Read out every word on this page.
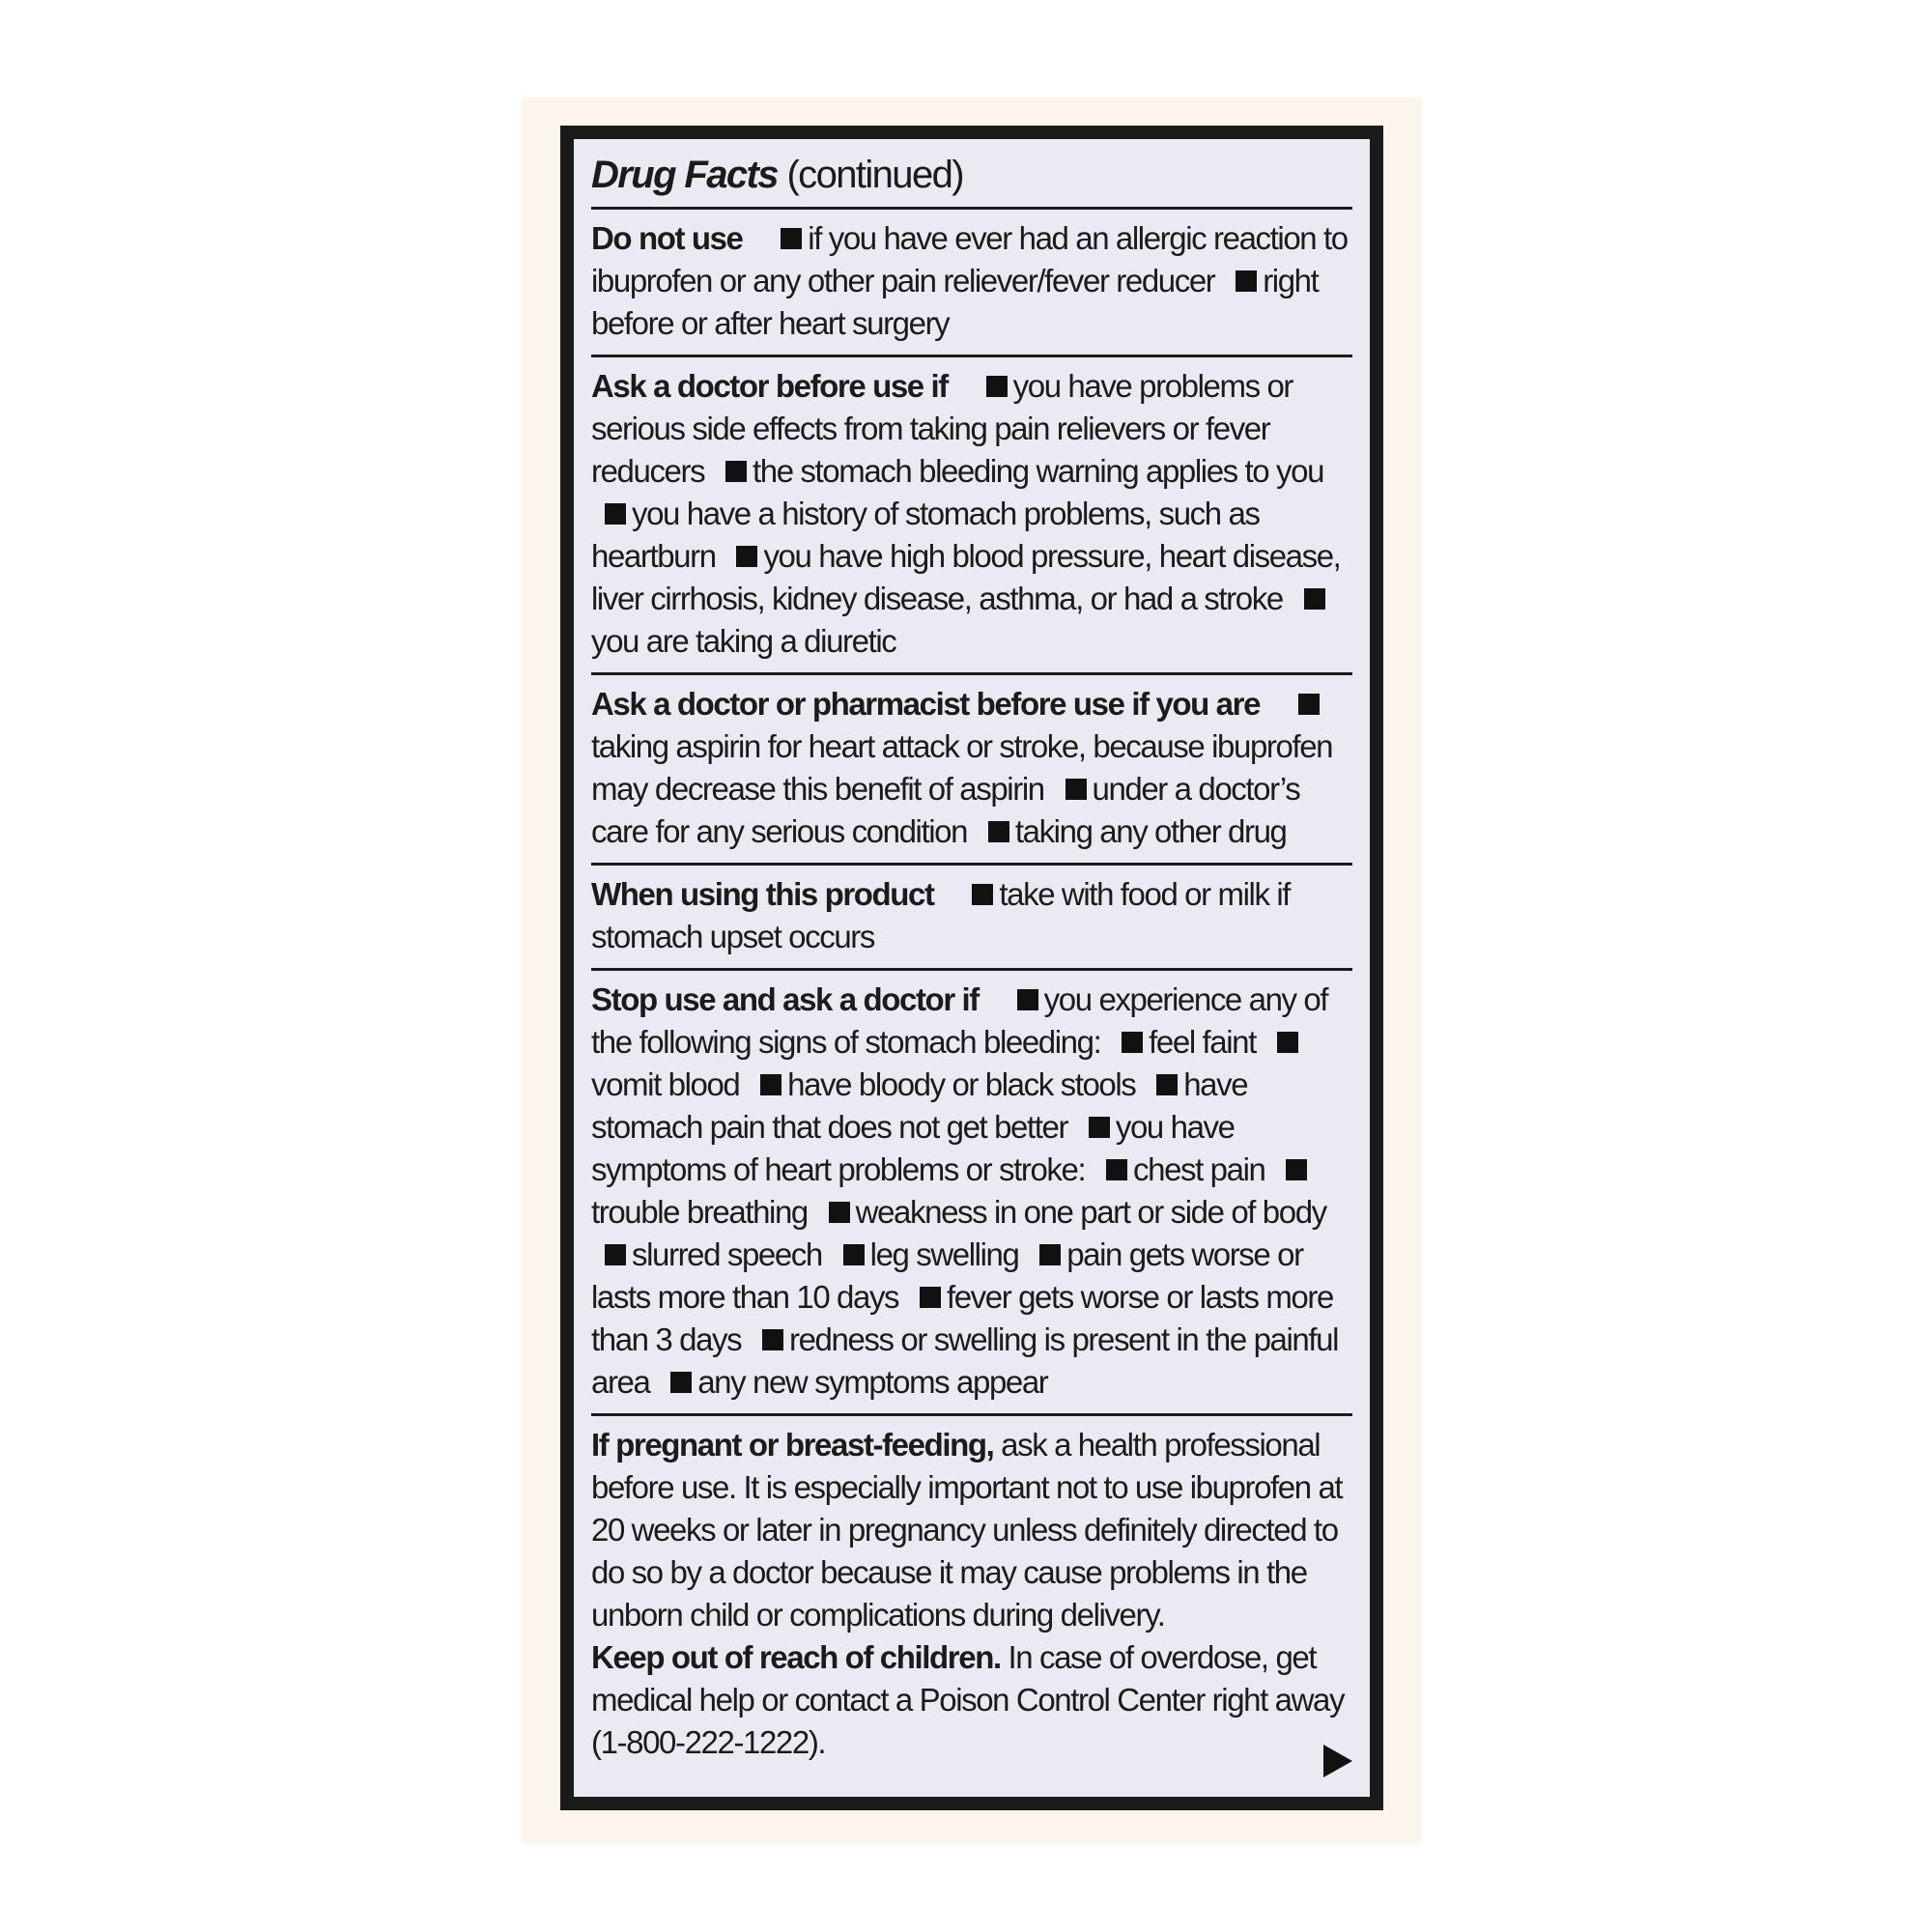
Drug Facts (continued)
Do not use if you have ever had an allergic reaction to ibuprofen or any other pain reliever/fever reducer right before or after heart surgery
Ask a doctor before use if you have problems or serious side effects from taking pain relievers or fever reducers the stomach bleeding warning applies to you you have a history of stomach problems, such as heartburn you have high blood pressure, heart disease, liver cirrhosis, kidney disease, asthma, or had a stroke you are taking a diuretic
Ask a doctor or pharmacist before use if you are taking aspirin for heart attack or stroke, because ibuprofen may decrease this benefit of aspirin under a doctor’s care for any serious condition taking any other drug
When using this product take with food or milk if stomach upset occurs
Stop use and ask a doctor if you experience any of the following signs of stomach bleeding: feel faint vomit blood have bloody or black stools have stomach pain that does not get better you have symptoms of heart problems or stroke: chest pain trouble breathing weakness in one part or side of body slurred speech leg swelling pain gets worse or lasts more than 10 days fever gets worse or lasts more than 3 days redness or swelling is present in the painful area any new symptoms appear
If pregnant or breast-feeding, ask a health professional before use. It is especially important not to use ibuprofen at 20 weeks or later in pregnancy unless definitely directed to do so by a doctor because it may cause problems in the unborn child or complications during delivery.
Keep out of reach of children. In case of overdose, get medical help or contact a Poison Control Center right away (1-800-222-1222).
